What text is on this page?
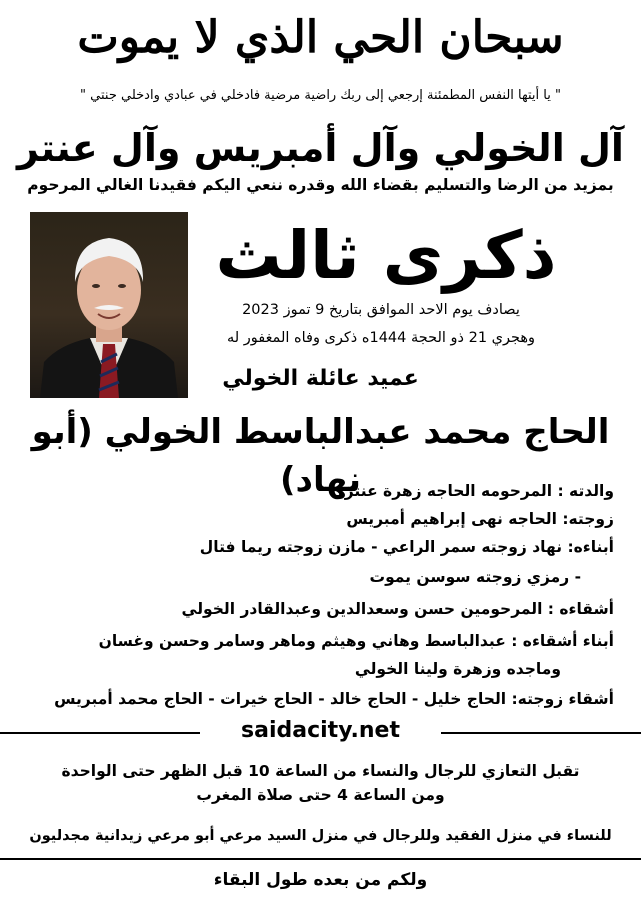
سبحان الحي الذي لا يموت
" يا أيتها النفس المطمئنة إرجعي إلى ربك راضية مرضية فادخلي في عبادي وادخلي جنتي "
آل الخولي وآل أمبريس وآل عنتر
بمزيد من الرضا والتسليم بقضاء الله وقدره ننعي اليكم فقيدنا الغالي المرحوم
ذكرى ثالث
يصادف يوم الاحد الموافق بتاريخ 9 تموز 2023
وهجري 21 ذو الحجة 1444ه ذكرى وفاه المغفور له
عميد عائلة الخولي
الحاج محمد عبدالباسط الخولي (أبو نهاد)
والدته : المرحومه الحاجه زهرة عنتر
زوجته: الحاجه نهى إبراهيم أمبريس
أبناءه: نهاد زوجته سمر الراعي - مازن زوجته ريما فتال
- رمزي زوجته سوسن يموت
أشقاءه : المرحومين حسن وسعدالدين وعبدالقادر الخولي
أبناء أشقاءه : عبدالباسط وهاني وهيثم وماهر وسامر وحسن وغسان
وماجده وزهرة ولينا الخولي
أشقاء زوجته: الحاج خليل - الحاج خالد - الحاج خيرات - الحاج محمد أمبريس
saidacity.net
تقبل التعازي للرجال والنساء من الساعة 10 قبل الظهر حتى الواحدة
ومن الساعة 4 حتى صلاة المغرب
للنساء في منزل الفقيد وللرجال في منزل السيد مرعي أبو مرعي زيدانية مجدليون
ولكم من بعده طول البقاء
